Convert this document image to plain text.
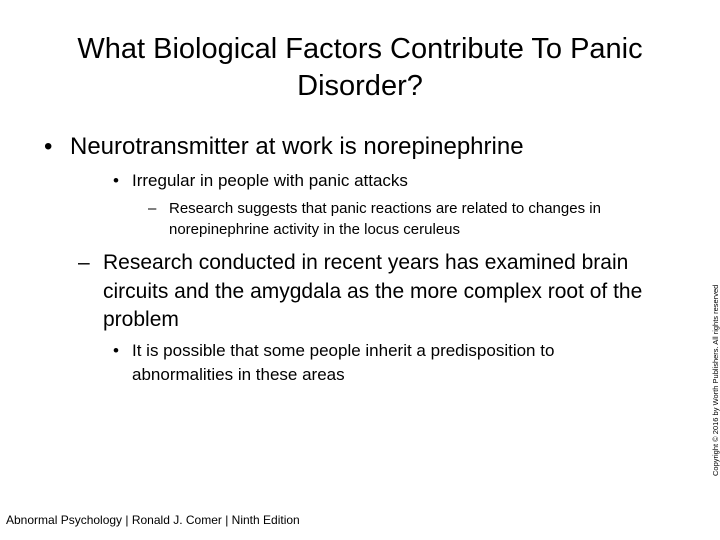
What Biological Factors Contribute To Panic Disorder?
• Neurotransmitter at work is norepinephrine
• Irregular in people with panic attacks
– Research suggests that panic reactions are related to changes in norepinephrine activity in the locus ceruleus
– Research conducted in recent years has examined brain circuits and the amygdala as the more complex root of the problem
• It is possible that some people inherit a predisposition to abnormalities in these areas
Abnormal Psychology | Ronald J. Comer | Ninth Edition
Copyright © 2016 by Worth Publishers. All rights reserved
